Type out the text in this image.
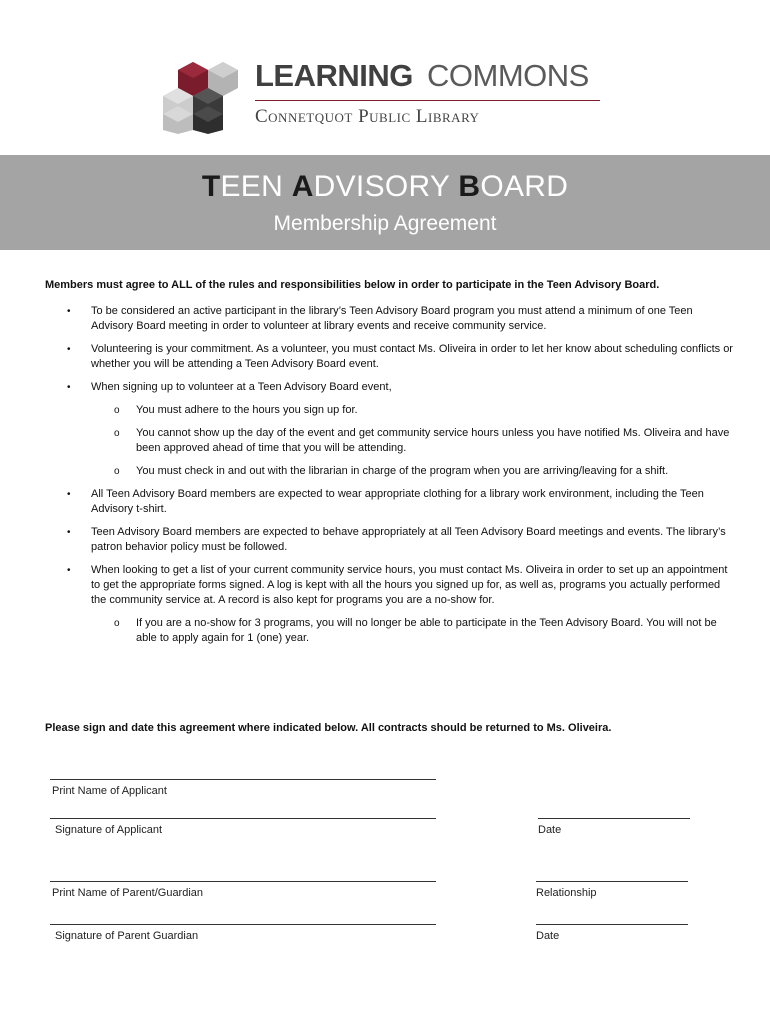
LEARNING COMMONS
Connetquot Public Library
TEEN ADVISORY BOARD
Membership Agreement

Members must agree to ALL of the rules and responsibilities below in order to participate in the Teen Advisory Board.

• To be considered an active participant in the library’s Teen Advisory Board program you must attend a minimum of one Teen Advisory Board meeting in order to volunteer at library events and receive community service.
• Volunteering is your commitment. As a volunteer, you must contact Ms. Oliveira in order to let her know about scheduling conflicts or whether you will be attending a Teen Advisory Board event.
• When signing up to volunteer at a Teen Advisory Board event,
o You must adhere to the hours you sign up for.
o You cannot show up the day of the event and get community service hours unless you have notified Ms. Oliveira and have been approved ahead of time that you will be attending.
o You must check in and out with the librarian in charge of the program when you are arriving/leaving for a shift.
• All Teen Advisory Board members are expected to wear appropriate clothing for a library work environment, including the Teen Advisory t-shirt.
• Teen Advisory Board members are expected to behave appropriately at all Teen Advisory Board meetings and events. The library’s patron behavior policy must be followed.
• When looking to get a list of your current community service hours, you must contact Ms. Oliveira in order to set up an appointment to get the appropriate forms signed. A log is kept with all the hours you signed up for, as well as, programs you actually performed the community service at. A record is also kept for programs you are a no-show for.
o If you are a no-show for 3 programs, you will no longer be able to participate in the Teen Advisory Board. You will not be able to apply again for 1 (one) year.
Please sign and date this agreement where indicated below. All contracts should be returned to Ms. Oliveira.
Print Name of Applicant
Signature of Applicant	Date
Print Name of Parent/Guardian	Relationship
Signature of Parent Guardian	Date
